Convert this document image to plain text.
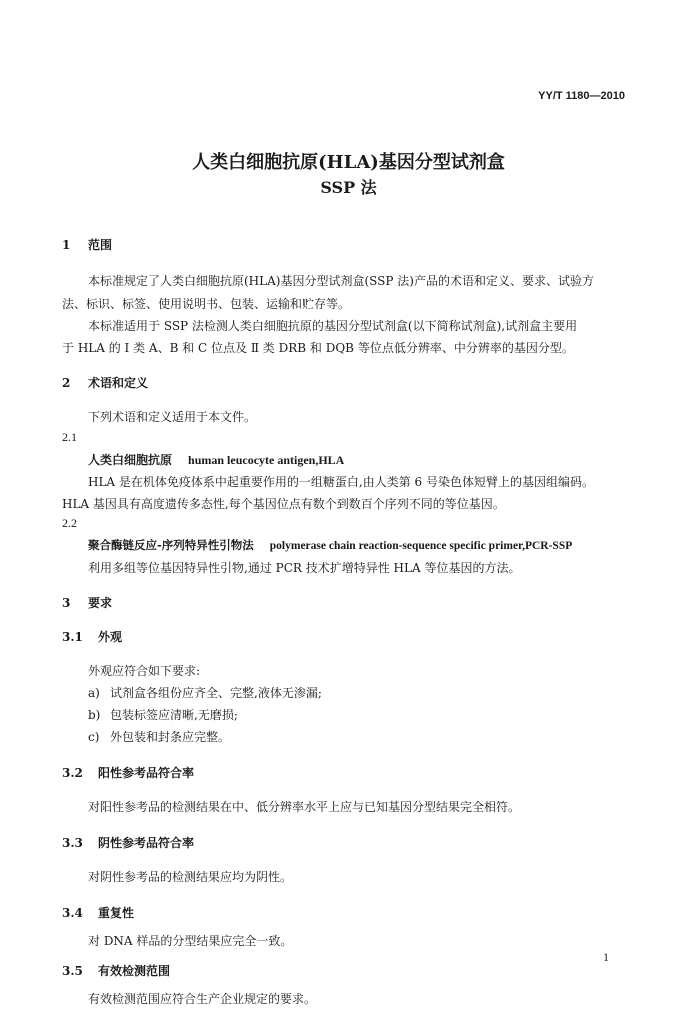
YY/T 1180—2010
人类白细胞抗原(HLA)基因分型试剂盒
SSP 法
1 范围
本标准规定了人类白细胞抗原(HLA)基因分型试剂盒(SSP 法)产品的术语和定义、要求、试验方
法、标识、标签、使用说明书、包装、运输和贮存等。
本标准适用于 SSP 法检测人类白细胞抗原的基因分型试剂盒(以下简称试剂盒),试剂盒主要用
于 HLA 的 Ⅰ 类 A、B 和 C 位点及 Ⅱ 类 DRB 和 DQB 等位点低分辨率、中分辨率的基因分型。
2 术语和定义
下列术语和定义适用于本文件。
2.1
人类白细胞抗原 human leucocyte antigen,HLA
HLA 是在机体免疫体系中起重要作用的一组糖蛋白,由人类第 6 号染色体短臂上的基因组编码。
HLA 基因具有高度遗传多态性,每个基因位点有数个到数百个序列不同的等位基因。
2.2
聚合酶链反应-序列特异性引物法 polymerase chain reaction-sequence specific primer,PCR-SSP
利用多组等位基因特异性引物,通过 PCR 技术扩增特异性 HLA 等位基因的方法。
3 要求
3.1 外观
外观应符合如下要求:
a) 试剂盒各组份应齐全、完整,液体无渗漏;
b) 包装标签应清晰,无磨损;
c) 外包装和封条应完整。
3.2 阳性参考品符合率
对阳性参考品的检测结果在中、低分辨率水平上应与已知基因分型结果完全相符。
3.3 阴性参考品符合率
对阴性参考品的检测结果应均为阴性。
3.4 重复性
对 DNA 样品的分型结果应完全一致。
3.5 有效检测范围
有效检测范围应符合生产企业规定的要求。
1
